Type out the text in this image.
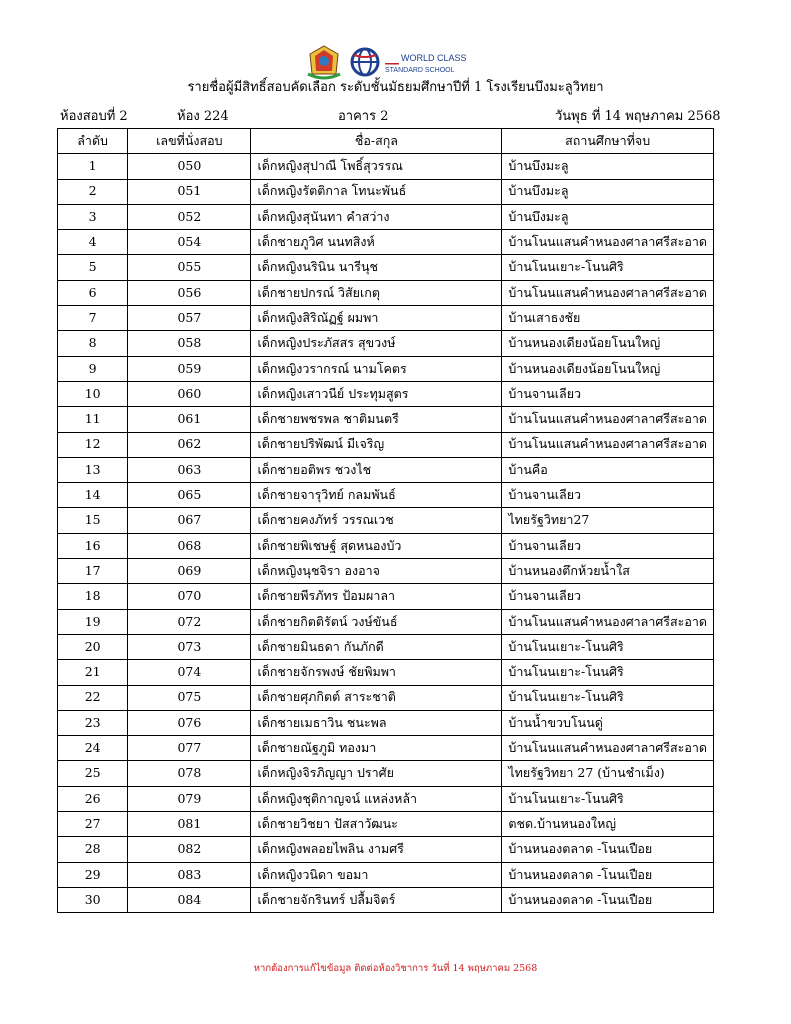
WORLD CLASS
STANDARD SCHOOL
รายชื่อผู้มีสิทธิ์สอบคัดเลือก ระดับชั้นมัธยมศึกษาปีที่ 1 โรงเรียนบึงมะลูวิทยา
ห้องสอบที่ 2	ห้อง 224	อาคาร 2	วันพุธ ที่ 14 พฤษภาคม 2568
ลำดับ	เลขที่นั่งสอบ	ชื่อ-สกุล	สถานศึกษาที่จบ
1	050	เด็กหญิงสุปาณี โพธิ์สุวรรณ	บ้านบึงมะลู
2	051	เด็กหญิงรัตติกาล โทนะพันธ์	บ้านบึงมะลู
3	052	เด็กหญิงสุนันทา คำสว่าง	บ้านบึงมะลู
4	054	เด็กชายภูวิศ นนทสิงห์	บ้านโนนแสนคำหนองศาลาศรีสะอาด
5	055	เด็กหญิงนรินิน นารีนุช	บ้านโนนเยาะ-โนนศิริ
6	056	เด็กชายปกรณ์ วิสัยเกตุ	บ้านโนนแสนคำหนองศาลาศรีสะอาด
7	057	เด็กหญิงสิริณัฏฐ์ ผมพา	บ้านเสาธงชัย
8	058	เด็กหญิงประภัสสร สุขวงษ์	บ้านหนองเดียงน้อยโนนใหญ่
9	059	เด็กหญิงวรากรณ์ นามโคตร	บ้านหนองเดียงน้อยโนนใหญ่
10	060	เด็กหญิงเสาวนีย์ ประทุมสูตร	บ้านจานเลียว
11	061	เด็กชายพชรพล ชาติมนตรี	บ้านโนนแสนคำหนองศาลาศรีสะอาด
12	062	เด็กชายปริพัฒน์ มีเจริญ	บ้านโนนแสนคำหนองศาลาศรีสะอาด
13	063	เด็กชายอติพร ชวงไช	บ้านคือ
14	065	เด็กชายจารุวิทย์ กลมพันธ์	บ้านจานเลียว
15	067	เด็กชายคงภัทร์ วรรณเวช	ไทยรัฐวิทยา27
16	068	เด็กชายพิเชษฐ์ สุดหนองบัว	บ้านจานเลียว
17	069	เด็กหญิงนุชจิรา องอาจ	บ้านหนองตึกห้วยน้ำใส
18	070	เด็กชายพีรภัทร ป้อมผาลา	บ้านจานเลียว
19	072	เด็กชายกิตติรัตน์ วงษ์ขันธ์	บ้านโนนแสนคำหนองศาลาศรีสะอาด
20	073	เด็กชายมินธดา กันภักดี	บ้านโนนเยาะ-โนนศิริ
21	074	เด็กชายจักรพงษ์ ชัยพิมพา	บ้านโนนเยาะ-โนนศิริ
22	075	เด็กชายศุภกิตต์ สาระชาติ	บ้านโนนเยาะ-โนนศิริ
23	076	เด็กชายเมธาวิน ชนะพล	บ้านน้ำขวบโนนดู่
24	077	เด็กชายณัฐภูมิ ทองมา	บ้านโนนแสนคำหนองศาลาศรีสะอาด
25	078	เด็กหญิงจิรภิญญา ปราศัย	ไทยรัฐวิทยา 27 (บ้านชำเม็ง)
26	079	เด็กหญิงชุติกาญจน์ แหล่งหล้า	บ้านโนนเยาะ-โนนศิริ
27	081	เด็กชายวิชยา ปัสสาวัฒนะ	ตชด.บ้านหนองใหญ่
28	082	เด็กหญิงพลอยไพลิน งามศรี	บ้านหนองตลาด -โนนเปือย
29	083	เด็กหญิงวนิดา ขอมา	บ้านหนองตลาด -โนนเปือย
30	084	เด็กชายจักรินทร์ ปลื้มจิตร์	บ้านหนองตลาด -โนนเปือย
หากต้องการแก้ไขข้อมูล ติดต่อห้องวิชาการ วันที่ 14 พฤษภาคม 2568
